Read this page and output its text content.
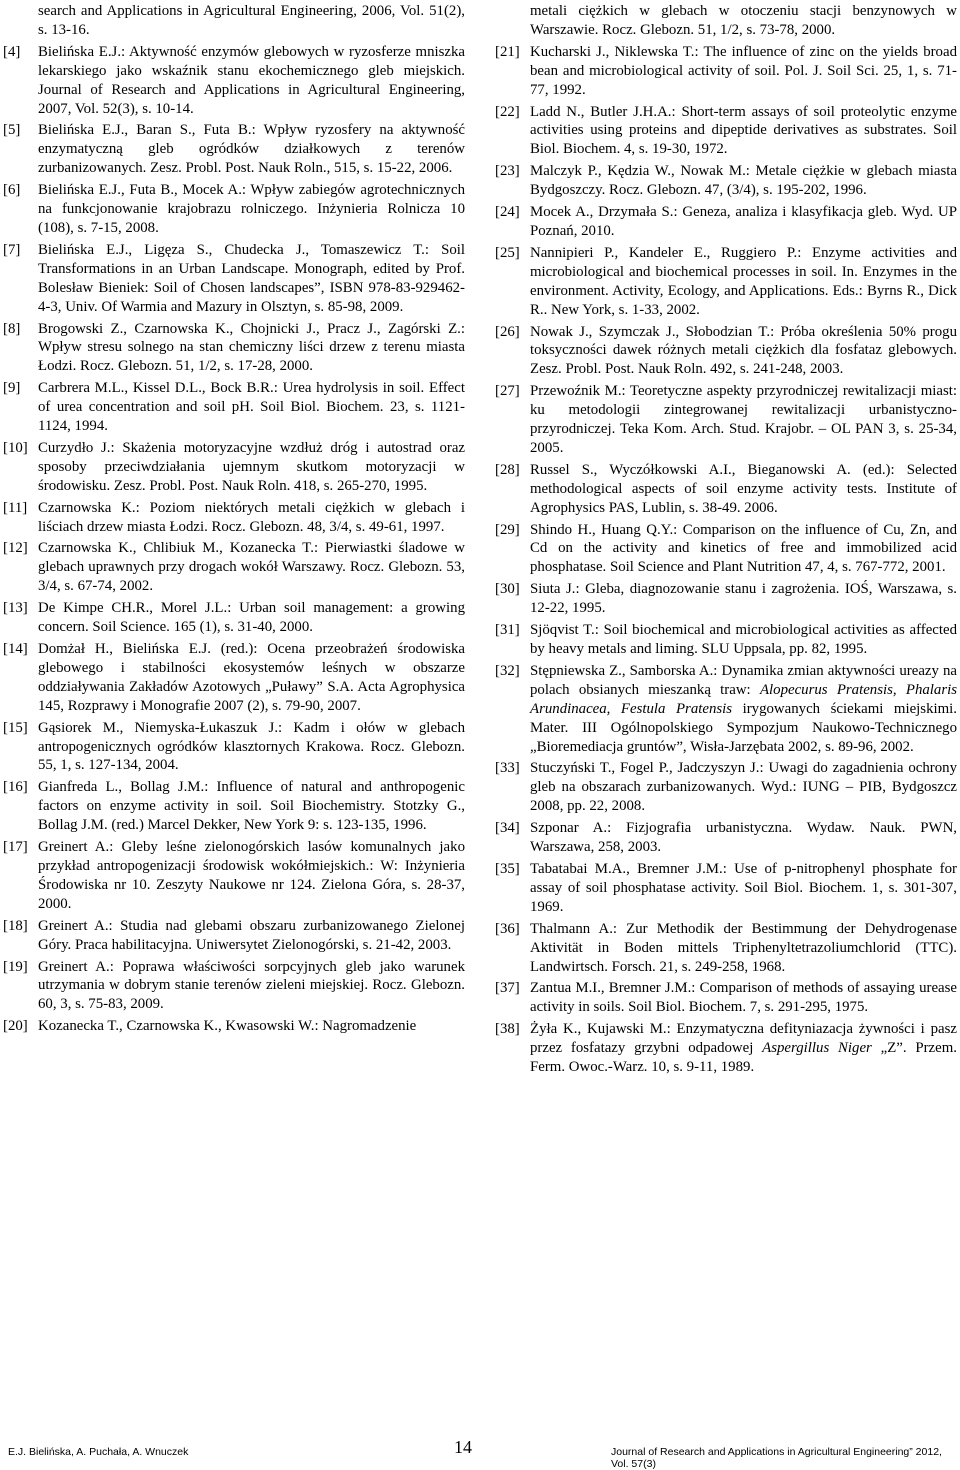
search and Applications in Agricultural Engineering, 2006, Vol. 51(2), s. 13-16.
[4] Bielińska E.J.: Aktywność enzymów glebowych w ryzosferze mniszka lekarskiego jako wskaźnik stanu ekochemicznego gleb miejskich. Journal of Research and Applications in Agricultural Engineering, 2007, Vol. 52(3), s. 10-14.
[5] Bielińska E.J., Baran S., Futa B.: Wpływ ryzosfery na aktywność enzymatyczną gleb ogródków działkowych z terenów zurbanizowanych. Zesz. Probl. Post. Nauk Roln., 515, s. 15-22, 2006.
[6] Bielińska E.J., Futa B., Mocek A.: Wpływ zabiegów agrotechnicznych na funkcjonowanie krajobrazu rolniczego. Inżynieria Rolnicza 10 (108), s. 7-15, 2008.
[7] Bielińska E.J., Ligęza S., Chudecka J., Tomaszewicz T.: Soil Transformations in an Urban Landscape. Monograph, edited by Prof. Bolesław Bieniek: Soil of Chosen landscapes”, ISBN 978-83-929462-4-3, Univ. Of Warmia and Mazury in Olsztyn, s. 85-98, 2009.
[8] Brogowski Z., Czarnowska K., Chojnicki J., Pracz J., Zagórski Z.: Wpływ stresu solnego na stan chemiczny liści drzew z terenu miasta Łodzi. Rocz. Glebozn. 51, 1/2, s. 17-28, 2000.
[9] Carbrera M.L., Kissel D.L., Bock B.R.: Urea hydrolysis in soil. Effect of urea concentration and soil pH. Soil Biol. Biochem. 23, s. 1121-1124, 1994.
[10] Curzydło J.: Skażenia motoryzacyjne wzdłuż dróg i autostrad oraz sposoby przeciwdziałania ujemnym skutkom motoryzacji w środowisku. Zesz. Probl. Post. Nauk Roln. 418, s. 265-270, 1995.
[11] Czarnowska K.: Poziom niektórych metali ciężkich w glebach i liściach drzew miasta Łodzi. Rocz. Glebozn. 48, 3/4, s. 49-61, 1997.
[12] Czarnowska K., Chlibiuk M., Kozanecka T.: Pierwiastki śladowe w glebach uprawnych przy drogach wokół Warszawy. Rocz. Glebozn. 53, 3/4, s. 67-74, 2002.
[13] De Kimpe CH.R., Morel J.L.: Urban soil management: a growing concern. Soil Science. 165 (1), s. 31-40, 2000.
[14] Domżał H., Bielińska E.J. (red.): Ocena przeobrażeń środowiska glebowego i stabilności ekosystemów leśnych w obszarze oddziaływania Zakładów Azotowych „Puławy” S.A. Acta Agrophysica 145, Rozprawy i Monografie 2007 (2), s. 79-90, 2007.
[15] Gąsiorek M., Niemyska-Łukaszuk J.: Kadm i ołów w glebach antropogenicznych ogródków klasztornych Krakowa. Rocz. Glebozn. 55, 1, s. 127-134, 2004.
[16] Gianfreda L., Bollag J.M.: Influence of natural and anthropogenic factors on enzyme activity in soil. Soil Biochemistry. Stotzky G., Bollag J.M. (red.) Marcel Dekker, New York 9: s. 123-135, 1996.
[17] Greinert A.: Gleby leśne zielonogórskich lasów komunalnych jako przykład antropogenizacji środowisk wokółmiejskich.: W: Inżynieria Środowiska nr 10. Zeszyty Naukowe nr 124. Zielona Góra, s. 28-37, 2000.
[18] Greinert A.: Studia nad glebami obszaru zurbanizowanego Zielonej Góry. Praca habilitacyjna. Uniwersytet Zielonogórski, s. 21-42, 2003.
[19] Greinert A.: Poprawa właściwości sorpcyjnych gleb jako warunek utrzymania w dobrym stanie terenów zieleni miejskiej. Rocz. Glebozn. 60, 3, s. 75-83, 2009.
[20] Kozanecka T., Czarnowska K., Kwasowski W.: Nagromadzenie
metali ciężkich w glebach w otoczeniu stacji benzynowych w Warszawie. Rocz. Glebozn. 51, 1/2, s. 73-78, 2000.
[21] Kucharski J., Niklewska T.: The influence of zinc on the yields broad bean and microbiological activity of soil. Pol. J. Soil Sci. 25, 1, s. 71-77, 1992.
[22] Ladd N., Butler J.H.A.: Short-term assays of soil proteolytic enzyme activities using proteins and dipeptide derivatives as substrates. Soil Biol. Biochem. 4, s. 19-30, 1972.
[23] Malczyk P., Kędzia W., Nowak M.: Metale ciężkie w glebach miasta Bydgoszczy. Rocz. Glebozn. 47, (3/4), s. 195-202, 1996.
[24] Mocek A., Drzymała S.: Geneza, analiza i klasyfikacja gleb. Wyd. UP Poznań, 2010.
[25] Nannipieri P., Kandeler E., Ruggiero P.: Enzyme activities and microbiological and biochemical processes in soil. In. Enzymes in the environment. Activity, Ecology, and Applications. Eds.: Byrns R., Dick R.. New York, s. 1-33, 2002.
[26] Nowak J., Szymczak J., Słobodzian T.: Próba określenia 50% progu toksyczności dawek różnych metali ciężkich dla fosfataz glebowych. Zesz. Probl. Post. Nauk Roln. 492, s. 241-248, 2003.
[27] Przewoźnik M.: Teoretyczne aspekty przyrodniczej rewitalizacji miast: ku metodologii zintegrowanej rewitalizacji urbanistyczno-przyrodniczej. Teka Kom. Arch. Stud. Krajobr. – OL PAN 3, s. 25-34, 2005.
[28] Russel S., Wyczółkowski A.I., Bieganowski A. (ed.): Selected methodological aspects of soil enzyme activity tests. Institute of Agrophysics PAS, Lublin, s. 38-49. 2006.
[29] Shindo H., Huang Q.Y.: Comparison on the influence of Cu, Zn, and Cd on the activity and kinetics of free and immobilized acid phosphatase. Soil Science and Plant Nutrition 47, 4, s. 767-772, 2001.
[30] Siuta J.: Gleba, diagnozowanie stanu i zagrożenia. IOŚ, Warszawa, s. 12-22, 1995.
[31] Sjöqvist T.: Soil biochemical and microbiological activities as affected by heavy metals and liming. SLU Uppsala, pp. 82, 1995.
[32] Stępniewska Z., Samborska A.: Dynamika zmian aktywności ureazy na polach obsianych mieszanką traw: Alopecurus Pratensis, Phalaris Arundinacea, Festula Pratensis irygowanych ściekami miejskimi. Mater. III Ogólnopolskiego Sympozjum Naukowo-Technicznego „Bioremediacja gruntów”, Wisła-Jarzębata 2002, s. 89-96, 2002.
[33] Stuczyński T., Fogel P., Jadczyszyn J.: Uwagi do zagadnienia ochrony gleb na obszarach zurbanizowanych. Wyd.: IUNG – PIB, Bydgoszcz 2008, pp. 22, 2008.
[34] Szponar A.: Fizjografia urbanistyczna. Wydaw. Nauk. PWN, Warszawa, 258, 2003.
[35] Tabatabai M.A., Bremner J.M.: Use of p-nitrophenyl phosphate for assay of soil phosphatase activity. Soil Biol. Biochem. 1, s. 301-307, 1969.
[36] Thalmann A.: Zur Methodik der Bestimmung der Dehydrogenase Aktivität in Boden mittels Triphenyltetrazoliumchlorid (TTC). Landwirtsch. Forsch. 21, s. 249-258, 1968.
[37] Zantua M.I., Bremner J.M.: Comparison of methods of assaying urease activity in soils. Soil Biol. Biochem. 7, s. 291-295, 1975.
[38] Żyła K., Kujawski M.: Enzymatyczna defityniazacja żywności i pasz przez fosfatazy grzybni odpadowej Aspergillus Niger „Z”. Przem. Ferm. Owoc.-Warz. 10, s. 9-11, 1989.
E.J. Bielińska, A. Puchała, A. Wnuczek	14	Journal of Research and Applications in Agricultural Engineering” 2012, Vol. 57(3)
